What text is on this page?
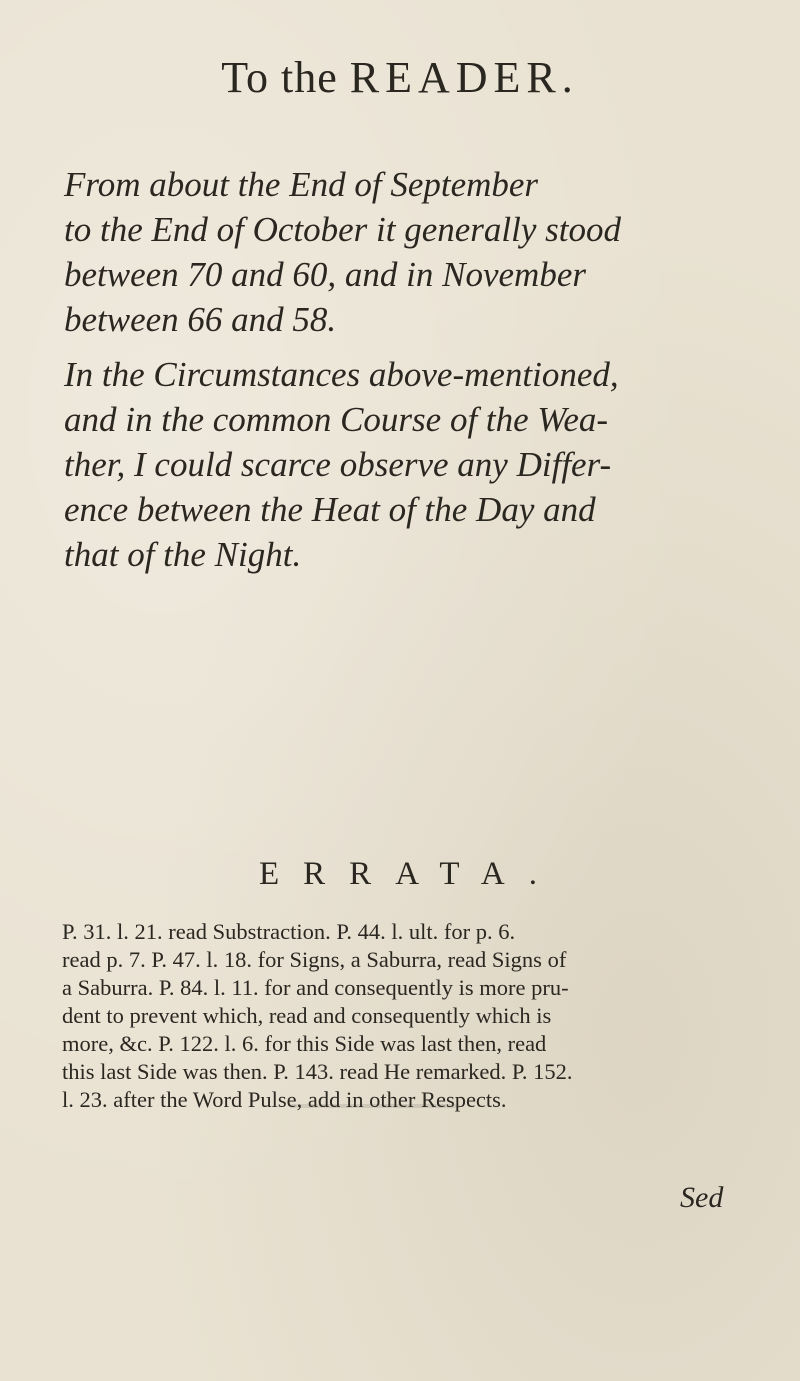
To the READER.

From about the End of September
to the End of October it generally stood
between 70 and 60, and in November
between 66 and 58.

In the Circumstances above-mentioned,
and in the common Course of the Wea-
ther, I could scarce observe any Differ-
ence between the Heat of the Day and
that of the Night.

ERRATA.

P. 31. l. 21. read Substraction. P. 44. l. ult. for p. 6.
read p. 7. P. 47. l. 18. for Signs, a Saburra, read Signs of
a Saburra. P. 84. l. 11. for and consequently is more pru-
dent to prevent which, read and consequently which is
more, &c. P. 122. l. 6. for this Side was last then, read
this last Side was then. P. 143. read He remarked. P. 152.
l. 23. after the Word Pulse, add in other Respects.

Sed
